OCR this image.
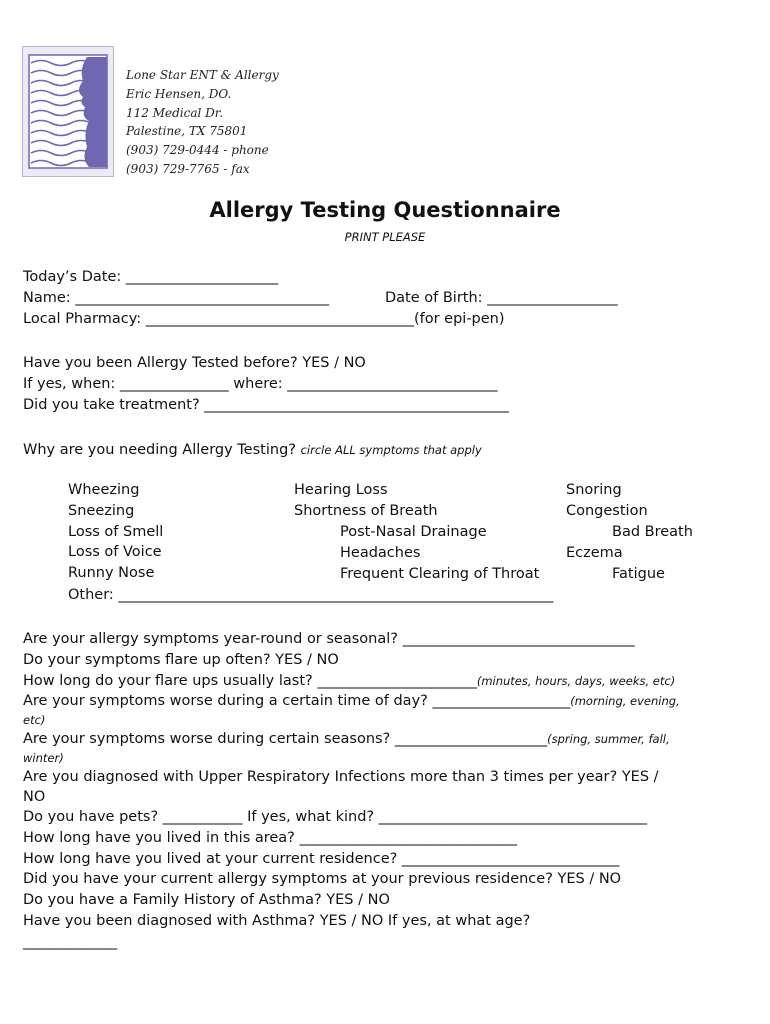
Lone Star ENT & Allergy
Eric Hensen, DO.
112 Medical Dr.
Palestine, TX 75801
(903) 729-0444 - phone
(903) 729-7765 - fax
Allergy Testing Questionnaire
PRINT PLEASE
Today’s Date: _____________________
Name: ___________________________________	Date of Birth: __________________
Local Pharmacy: _____________________________________(for epi-pen)
Have you been Allergy Tested before? YES / NO
If yes, when: _______________ where: _____________________________
Did you take treatment? __________________________________________
Why are you needing Allergy Testing? circle ALL symptoms that apply
Wheezing
Sneezing
Loss of Smell
Loss of Voice
Runny Nose
Hearing Loss
Shortness of Breath
Post-Nasal Drainage
Headaches
Frequent Clearing of Throat
Snoring
Congestion
Bad Breath
Eczema
Fatigue
Other: ____________________________________________________________
Are your allergy symptoms year-round or seasonal? ________________________________
Do your symptoms flare up often? YES / NO
How long do your flare ups usually last? ______________________(minutes, hours, days, weeks, etc)
Are your symptoms worse during a certain time of day? ___________________(morning, evening,
etc)
Are your symptoms worse during certain seasons? _____________________(spring, summer, fall,
winter)
Are you diagnosed with Upper Respiratory Infections more than 3 times per year? YES /
NO
Do you have pets? ___________ If yes, what kind? _____________________________________
How long have you lived in this area? ______________________________
How long have you lived at your current residence? ______________________________
Did you have your current allergy symptoms at your previous residence? YES / NO
Do you have a Family History of Asthma? YES / NO
Have you been diagnosed with Asthma? YES / NO If yes, at what age?
_____________
